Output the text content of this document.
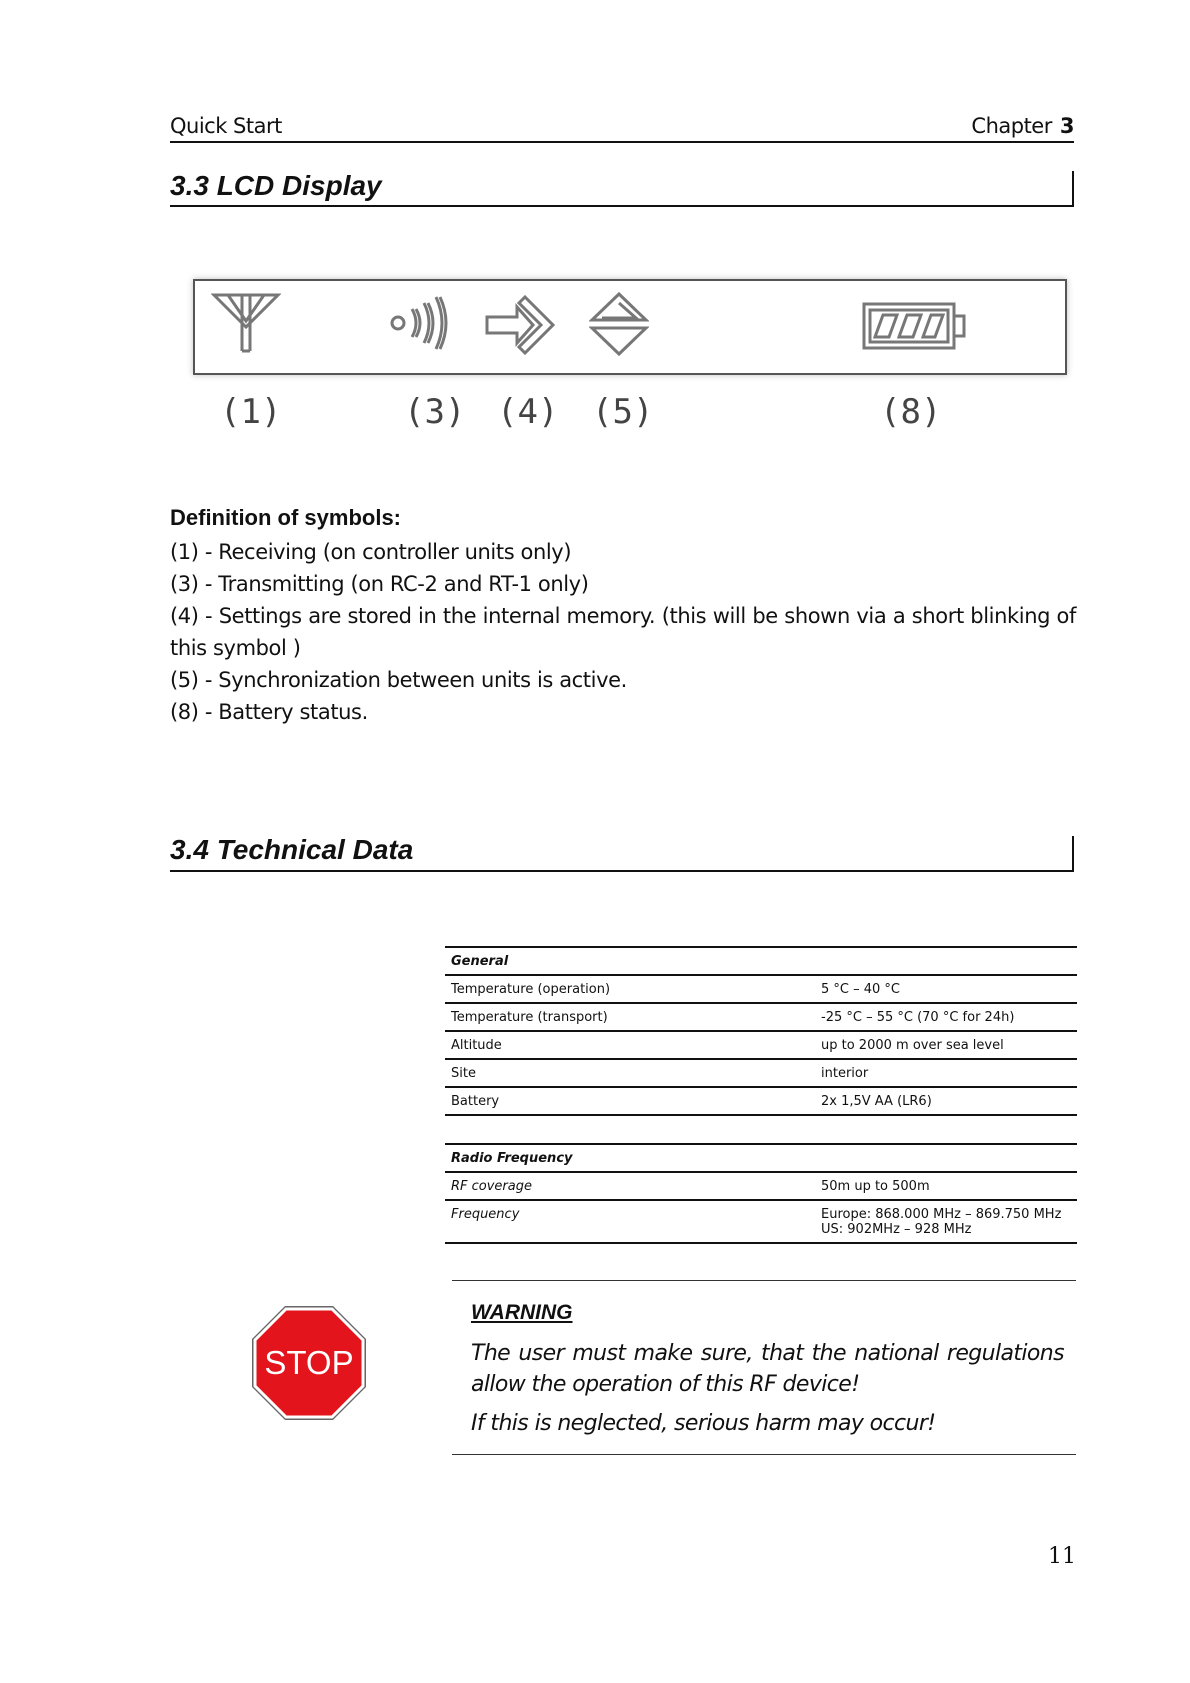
Quick Start	Chapter 3
3.3 LCD Display
(1)	(3) (4) (5)	(8)
Definition of symbols:
(1) - Receiving (on controller units only)
(3) - Transmitting (on RC-2 and RT-1 only)
(4) - Settings are stored in the internal memory. (this will be shown via a short blinking of this symbol )
(5) - Synchronization between units is active.
(8) - Battery status.
3.4 Technical Data
General	
Temperature (operation)	5 °C – 40 °C
Temperature (transport)	-25 °C – 55 °C (70 °C for 24h)
Altitude	up to 2000 m over sea level
Site	interior
Battery	2x 1,5V AA (LR6)

Radio Frequency	
RF coverage	50m up to 500m
Frequency	Europe: 868.000 MHz – 869.750 MHz
US: 902MHz – 928 MHz
STOP
WARNING

The user must make sure, that the national regulations allow the operation of this RF device!

If this is neglected, serious harm may occur!

11
